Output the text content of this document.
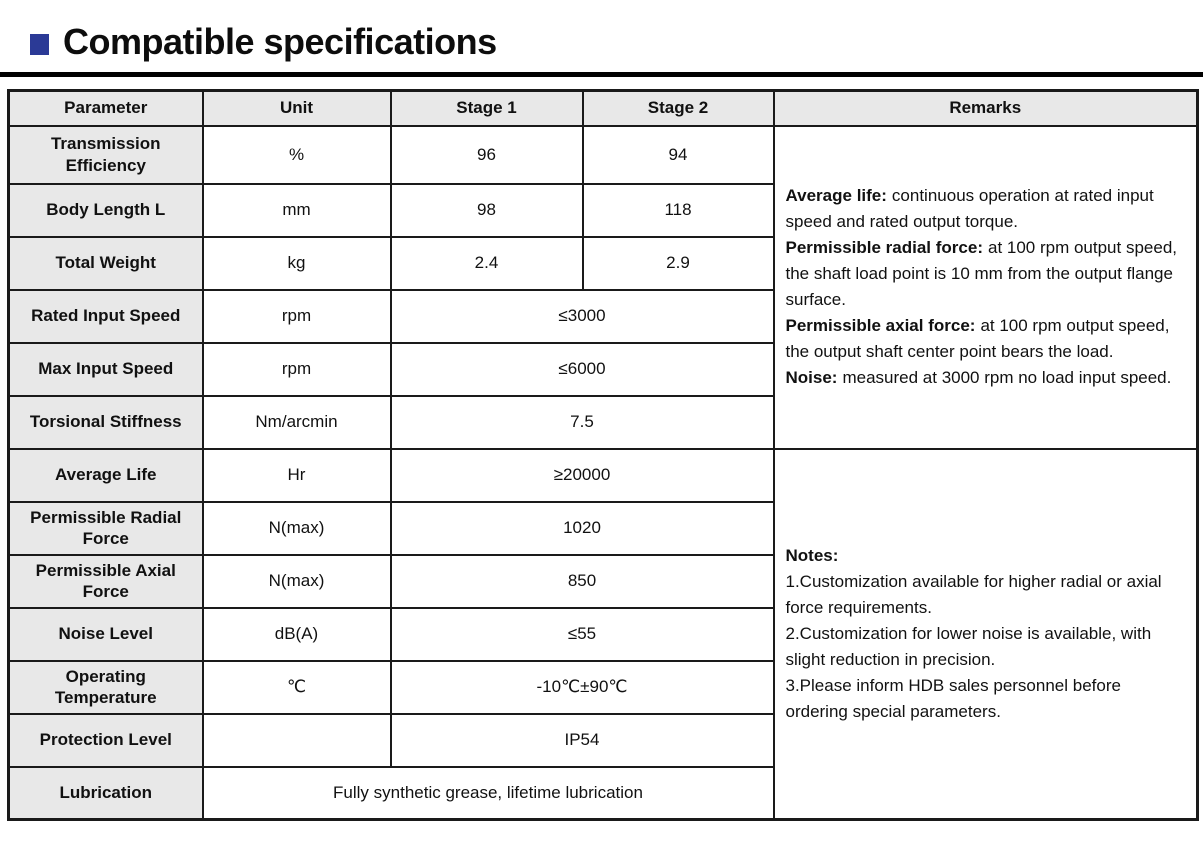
Compatible specifications
Parameter	Unit	Stage 1	Stage 2	Remarks
Transmission Efficiency	%	96	94	Average life: continuous operation at rated input speed and rated output torque.
Permissible radial force: at 100 rpm output speed, the shaft load point is 10 mm from the output flange surface.
Permissible axial force: at 100 rpm output speed, the output shaft center point bears the load.
Noise: measured at 3000 rpm no load input speed.

Body Length L	mm	98	118	
Total Weight	kg	2.4	2.9	
Rated Input Speed	rpm	≤3000		
Max Input Speed	rpm	≤6000		
Torsional Stiffness	Nm/arcmin	7.5		
Average Life	Hr	≥20000		Notes:
1.Customization available for higher radial or axial force requirements.
2.Customization for lower noise is available, with slight reduction in precision.
3.Please inform HDB sales personnel before ordering special parameters.

Permissible Radial Force	N(max)	1020		
Permissible Axial Force	N(max)	850		
Noise Level	dB(A)	≤55		
Operating Temperature	℃	-10℃±90℃		
Protection Level		IP54		
Lubrication	Fully synthetic grease, lifetime lubrication			
